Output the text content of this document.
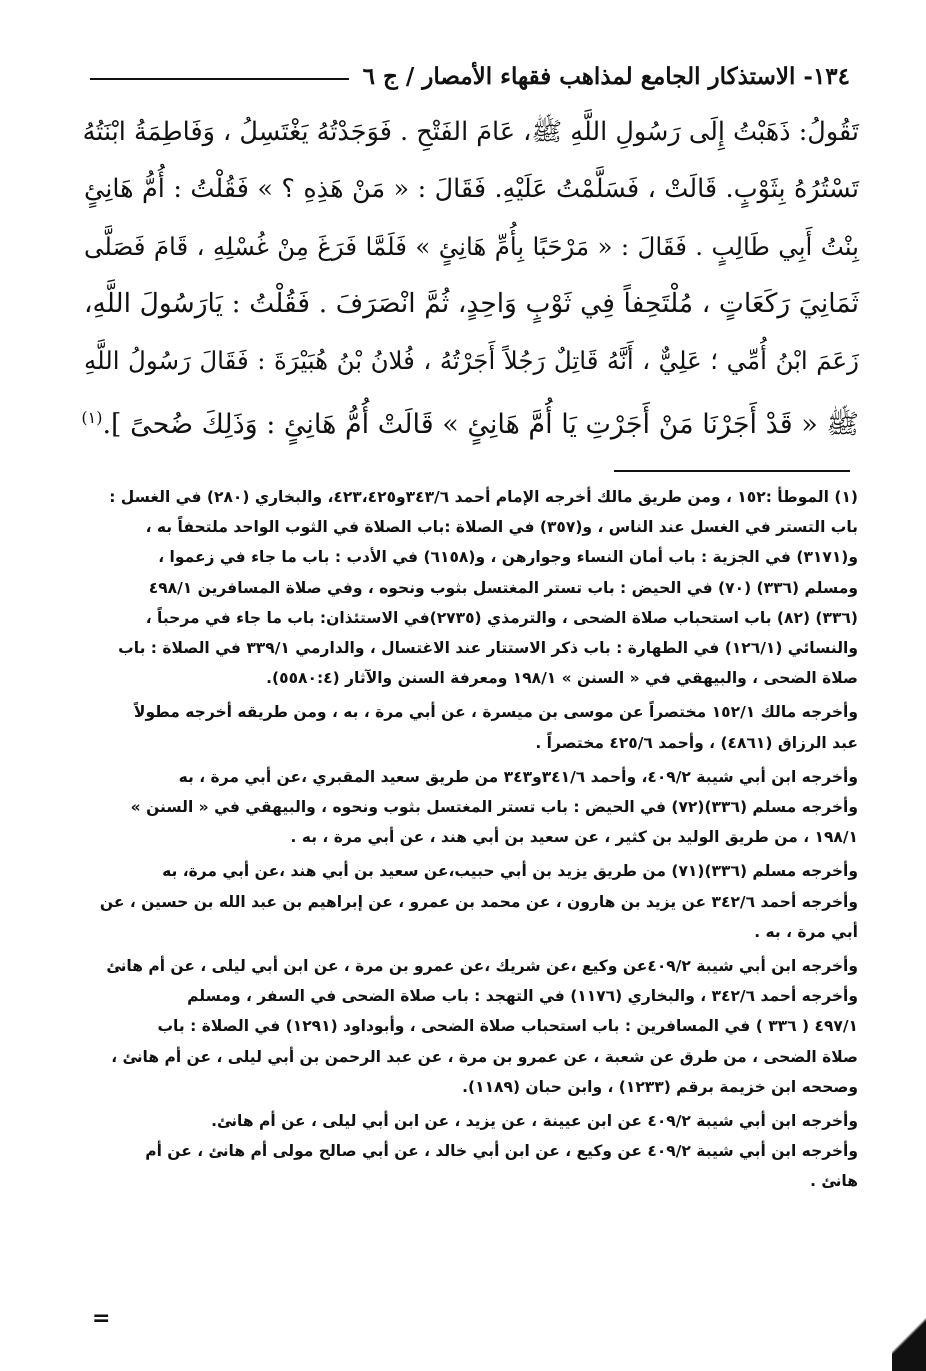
١٣٤- الاستذكار الجامع لمذاهب فقهاء الأمصار / ج ٦

تَقُولُ: ذَهَبْتُ إِلَى رَسُولِ اللَّهِ ﷺ، عَامَ الفَتْحِ . فَوَجَدْتُهُ يَغْتَسِلُ ، وَفَاطِمَةُ ابْنَتُهُ
تَسْتُرُهُ بِثَوْبٍ. قَالَتْ ، فَسَلَّمْتُ عَلَيْهِ. فَقَالَ : « مَنْ هَذِهِ ؟ » فَقُلْتُ : أُمُّ هَانِئٍ
بِنْتُ أَبِي طَالِبٍ . فَقَالَ : « مَرْحَبًا بِأُمِّ هَانِئٍ » فَلَمَّا فَرَغَ مِنْ غُسْلِهِ ، قَامَ فَصَلَّى
ثَمَانِيَ رَكَعَاتٍ ، مُلْتَحِفاً فِي ثَوْبٍ وَاحِدٍ، ثُمَّ انْصَرَفَ . فَقُلْتُ : يَارَسُولَ اللَّهِ،
زَعَمَ ابْنُ أُمِّي ؛ عَلِيٌّ ، أَنَّهُ قَاتِلٌ رَجُلاً أَجَرْتُهُ ، فُلانُ بْنُ هُبَيْرَةَ : فَقَالَ رَسُولُ اللَّهِ
ﷺ « قَدْ أَجَرْنَا مَنْ أَجَرْتِ يَا أُمَّ هَانِئٍ » قَالَتْ أُمُّ هَانِئٍ : وَذَلِكَ ضُحىً ].$^{(١)}$

(١) الموطأ :١٥٢ ، ومن طريق مالك أخرجه الإمام أحمد ٣٤٣/٦و٤٢٣،٤٢٥، والبخاري (٢٨٠) في الغسل :
باب التستر في الغسل عند الناس ، و(٣٥٧) في الصلاة :باب الصلاة في الثوب الواحد ملتحفاً به ،
و(٣١٧١) في الجزية : باب أمان النساء وجوارهن ، و(٦١٥٨) في الأدب : باب ما جاء في زعموا ،
ومسلم (٣٣٦) (٧٠) في الحيض : باب تستر المغتسل بثوب ونحوه ، وفي صلاة المسافرين ٤٩٨/١
(٣٣٦) (٨٢) باب استحباب صلاة الضحى ، والترمذي (٢٧٣٥)في الاستئذان: باب ما جاء في مرحباً ،
والنسائي (١٢٦/١) في الطهارة : باب ذكر الاستتار عند الاغتسال ، والدارمي ٣٣٩/١ في الصلاة : باب
صلاة الضحى ، والبيهقي في « السنن » ١٩٨/١ ومعرفة السنن والآثار (٥٥٨٠:٤).

وأخرجه مالك ١٥٢/١ مختصراً عن موسى بن ميسرة ، عن أبي مرة ، به ، ومن طريقه أخرجه مطولاً
عبد الرزاق (٤٨٦١) ، وأحمد ٤٢٥/٦ مختصراً .

وأخرجه ابن أبي شيبة ٤٠٩/٢، وأحمد ٣٤١/٦و٣٤٣ من طريق سعيد المقبري ،عن أبي مرة ، به
وأخرجه مسلم (٣٣٦)(٧٢) في الحيض : باب تستر المغتسل بثوب ونحوه ، والبيهقي في « السنن »
١٩٨/١ ، من طريق الوليد بن كثير ، عن سعيد بن أبي هند ، عن أبي مرة ، به .

وأخرجه مسلم (٣٣٦)(٧١) من طريق يزيد بن أبي حبيب،عن سعيد بن أبي هند ،عن أبي مرة، به
وأخرجه أحمد ٣٤٢/٦ عن يزيد بن هارون ، عن محمد بن عمرو ، عن إبراهيم بن عبد الله بن حسين ، عن
أبي مرة ، به .

وأخرجه ابن أبي شيبة ٤٠٩/٢عن وكيع ،عن شريك ،عن عمرو بن مرة ، عن ابن أبي ليلى ، عن أم هانئ
وأخرجه أحمد ٣٤٢/٦ ، والبخاري (١١٧٦) في التهجد : باب صلاة الضحى في السفر ، ومسلم
٤٩٧/١ ( ٣٣٦ ) في المسافرين : باب استحباب صلاة الضحى ، وأبوداود (١٢٩١) في الصلاة : باب
صلاة الضحى ، من طرق عن شعبة ، عن عمرو بن مرة ، عن عبد الرحمن بن أبي ليلى ، عن أم هانئ ،
وصححه ابن خزيمة برقم (١٢٣٣) ، وابن حبان (١١٨٩).

وأخرجه ابن أبي شيبة ٤٠٩/٢ عن ابن عيينة ، عن يزيد ، عن ابن أبي ليلى ، عن أم هانئ.

وأخرجه ابن أبي شيبة ٤٠٩/٢ عن وكيع ، عن ابن أبي خالد ، عن أبي صالح مولى أم هانئ ، عن أم
هانئ .

=
